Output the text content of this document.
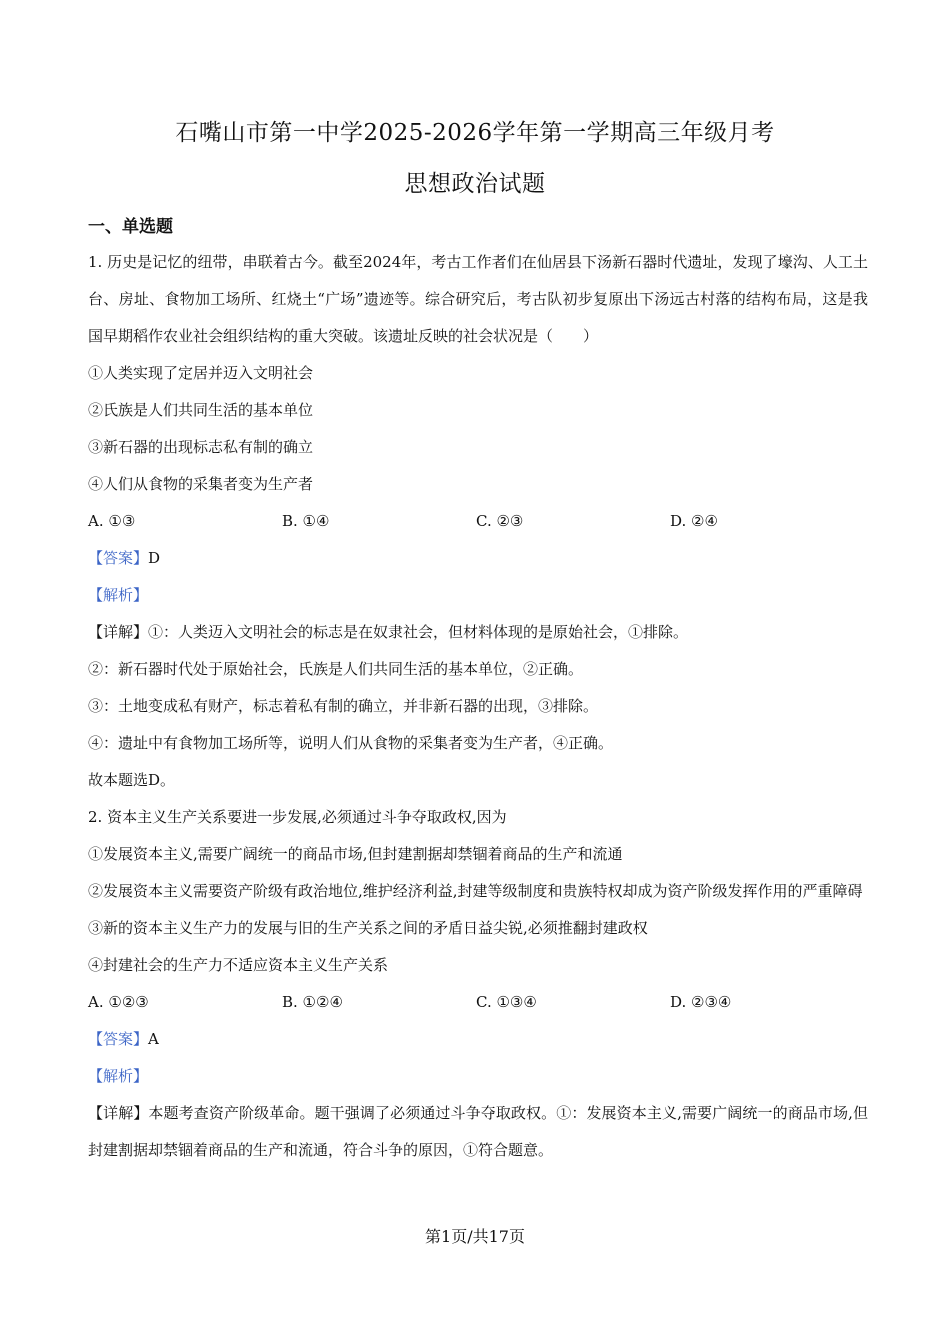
石嘴山市第一中学2025-2026学年第一学期高三年级月考
思想政治试题
一、单选题
1. 历史是记忆的纽带，串联着古今。截至2024年，考古工作者们在仙居县下汤新石器时代遗址，发现了壕沟、人工土台、房址、食物加工场所、红烧土“广场”遗迹等。综合研究后，考古队初步复原出下汤远古村落的结构布局，这是我国早期稻作农业社会组织结构的重大突破。该遗址反映的社会状况是（　　）
①人类实现了定居并迈入文明社会
②氏族是人们共同生活的基本单位
③新石器的出现标志私有制的确立
④人们从食物的采集者变为生产者
A. ①③	B. ①④	C. ②③	D. ②④
【答案】D
【解析】
【详解】①：人类迈入文明社会的标志是在奴隶社会，但材料体现的是原始社会，①排除。
②：新石器时代处于原始社会，氏族是人们共同生活的基本单位，②正确。
③：土地变成私有财产，标志着私有制的确立，并非新石器的出现，③排除。
④：遗址中有食物加工场所等，说明人们从食物的采集者变为生产者，④正确。
故本题选D。
2. 资本主义生产关系要进一步发展,必须通过斗争夺取政权,因为
①发展资本主义,需要广阔统一的商品市场,但封建割据却禁锢着商品的生产和流通
②发展资本主义需要资产阶级有政治地位,维护经济利益,封建等级制度和贵族特权却成为资产阶级发挥作用的严重障碍
③新的资本主义生产力的发展与旧的生产关系之间的矛盾日益尖锐,必须推翻封建政权
④封建社会的生产力不适应资本主义生产关系
A. ①②③	B. ①②④	C. ①③④	D. ②③④
【答案】A
【解析】
【详解】本题考查资产阶级革命。题干强调了必须通过斗争夺取政权。①：发展资本主义,需要广阔统一的商品市场,但封建割据却禁锢着商品的生产和流通，符合斗争的原因，①符合题意。
第1页/共17页
